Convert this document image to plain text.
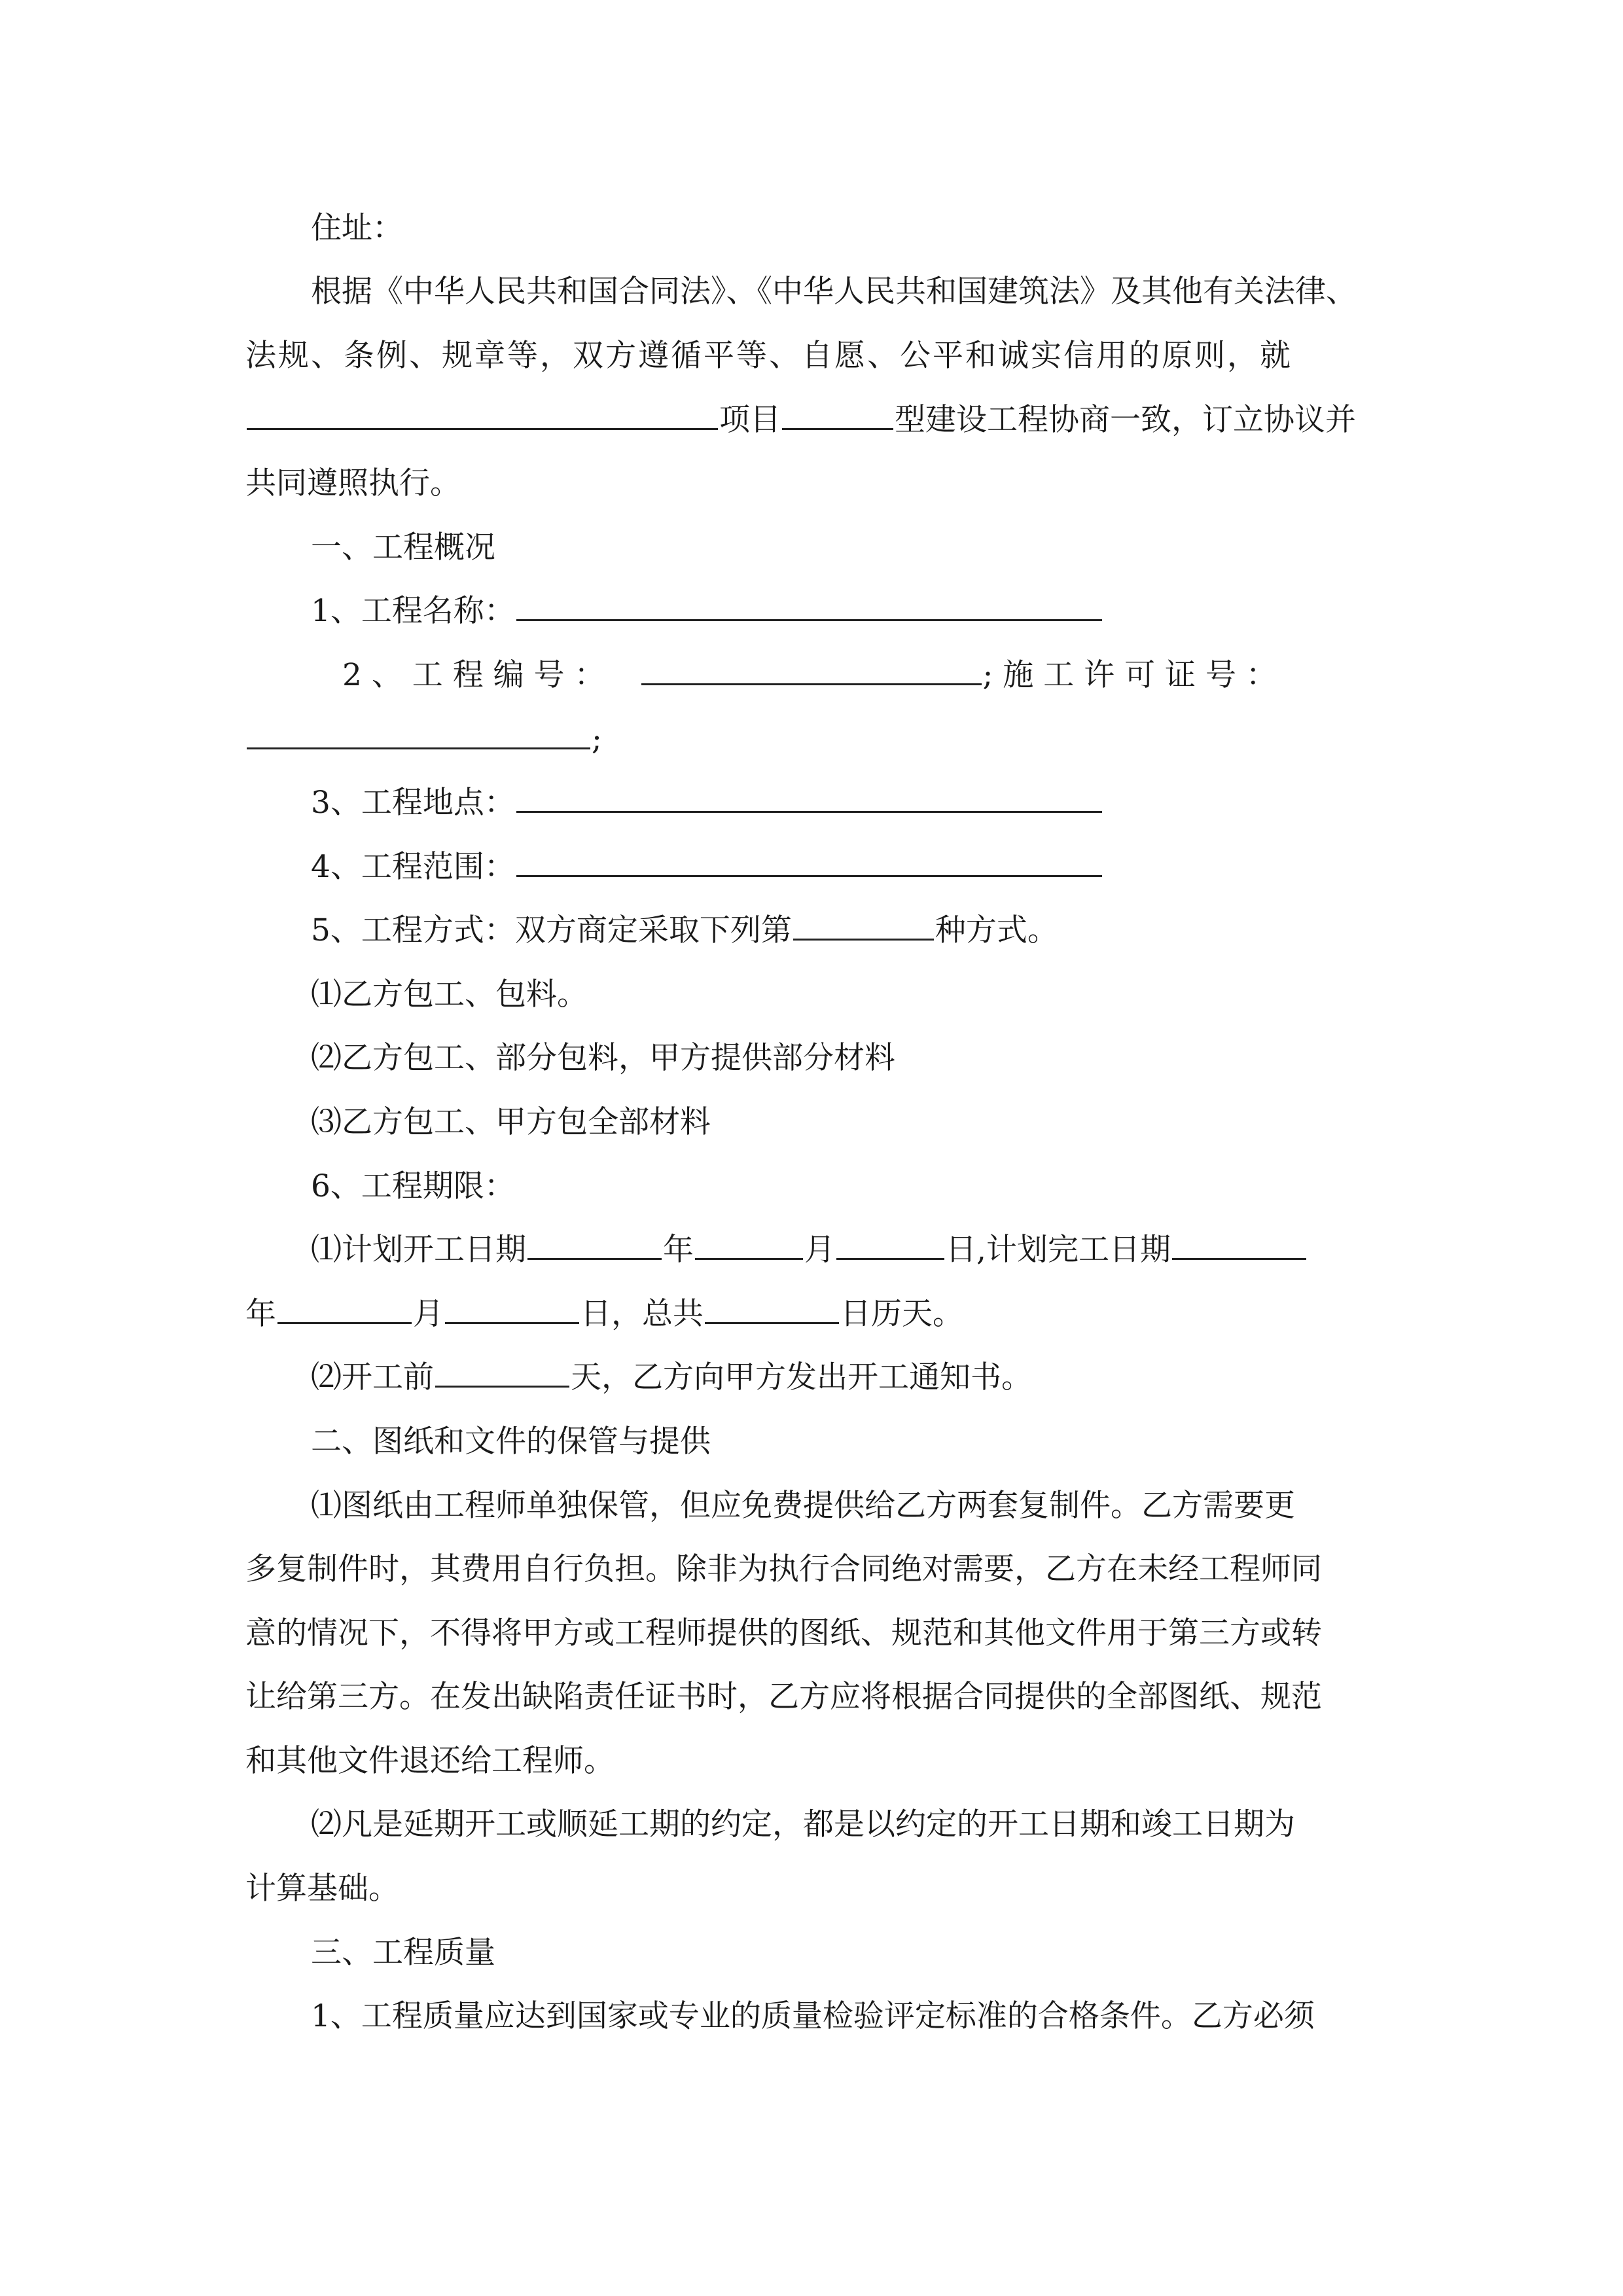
住址：
根据《中华人民共和国合同法》、《中华人民共和国建筑法》及其他有关法律、
法规、条例、规章等，双方遵循平等、自愿、公平和诚实信用的原则，就
项目	型建设工程协商一致，订立协议并
共同遵照执行。
一、工程概况
1、工程名称：
2 、 工 程 编 号 ：	; 施 工 许 可 证 号 ：
;
3、工程地点：
4、工程范围：
5、工程方式：双方商定采取下列第	种方式。
⑴乙方包工、包料。
⑵乙方包工、部分包料，甲方提供部分材料
⑶乙方包工、甲方包全部材料
6、工程期限：
⑴计划开工日期	年	月	日,计划完工日期
年	月	日，总共	日历天。
⑵开工前	天，乙方向甲方发出开工通知书。
二、图纸和文件的保管与提供
⑴图纸由工程师单独保管，但应免费提供给乙方两套复制件。乙方需要更
多复制件时，其费用自行负担。除非为执行合同绝对需要，乙方在未经工程师同
意的情况下，不得将甲方或工程师提供的图纸、规范和其他文件用于第三方或转
让给第三方。在发出缺陷责任证书时，乙方应将根据合同提供的全部图纸、规范
和其他文件退还给工程师。
⑵凡是延期开工或顺延工期的约定，都是以约定的开工日期和竣工日期为
计算基础。
三、工程质量
1、工程质量应达到国家或专业的质量检验评定标准的合格条件。乙方必须
